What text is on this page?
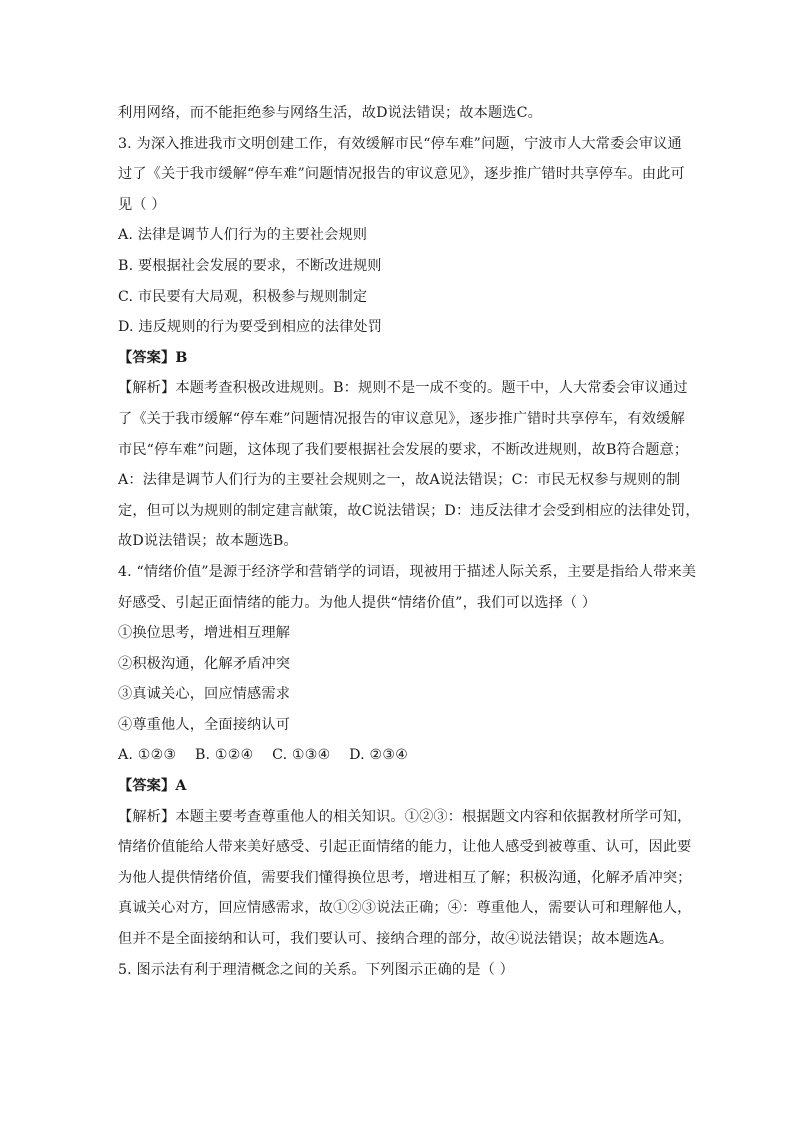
利用网络，而不能拒绝参与网络生活，故D说法错误；故本题选C。
3. 为深入推进我市文明创建工作，有效缓解市民“停车难”问题，宁波市人大常委会审议通
过了《关于我市缓解“停车难”问题情况报告的审议意见》，逐步推广错时共享停车。由此可
见（ ）
A. 法律是调节人们行为的主要社会规则
B. 要根据社会发展的要求，不断改进规则
C. 市民要有大局观，积极参与规则制定
D. 违反规则的行为要受到相应的法律处罚
【答案】B
【解析】本题考查积极改进规则。B：规则不是一成不变的。题干中，人大常委会审议通过
了《关于我市缓解“停车难”问题情况报告的审议意见》，逐步推广错时共享停车，有效缓解
市民“停车难”问题，这体现了我们要根据社会发展的要求，不断改进规则，故B符合题意；
A：法律是调节人们行为的主要社会规则之一，故A说法错误；C：市民无权参与规则的制
定，但可以为规则的制定建言献策，故C说法错误；D：违反法律才会受到相应的法律处罚，
故D说法错误；故本题选B。
4. “情绪价值”是源于经济学和营销学的词语，现被用于描述人际关系，主要是指给人带来美
好感受、引起正面情绪的能力。为他人提供“情绪价值”，我们可以选择（ ）
①换位思考，增进相互理解
②积极沟通，化解矛盾冲突
③真诚关心，回应情感需求
④尊重他人，全面接纳认可
A. ①②③    B. ①②④    C. ①③④    D. ②③④
【答案】A
【解析】本题主要考查尊重他人的相关知识。①②③：根据题文内容和依据教材所学可知，
情绪价值能给人带来美好感受、引起正面情绪的能力，让他人感受到被尊重、认可，因此要
为他人提供情绪价值，需要我们懂得换位思考，增进相互了解；积极沟通，化解矛盾冲突；
真诚关心对方，回应情感需求，故①②③说法正确；④：尊重他人，需要认可和理解他人，
但并不是全面接纳和认可，我们要认可、接纳合理的部分，故④说法错误；故本题选A。
5. 图示法有利于理清概念之间的关系。下列图示正确的是（ ）
